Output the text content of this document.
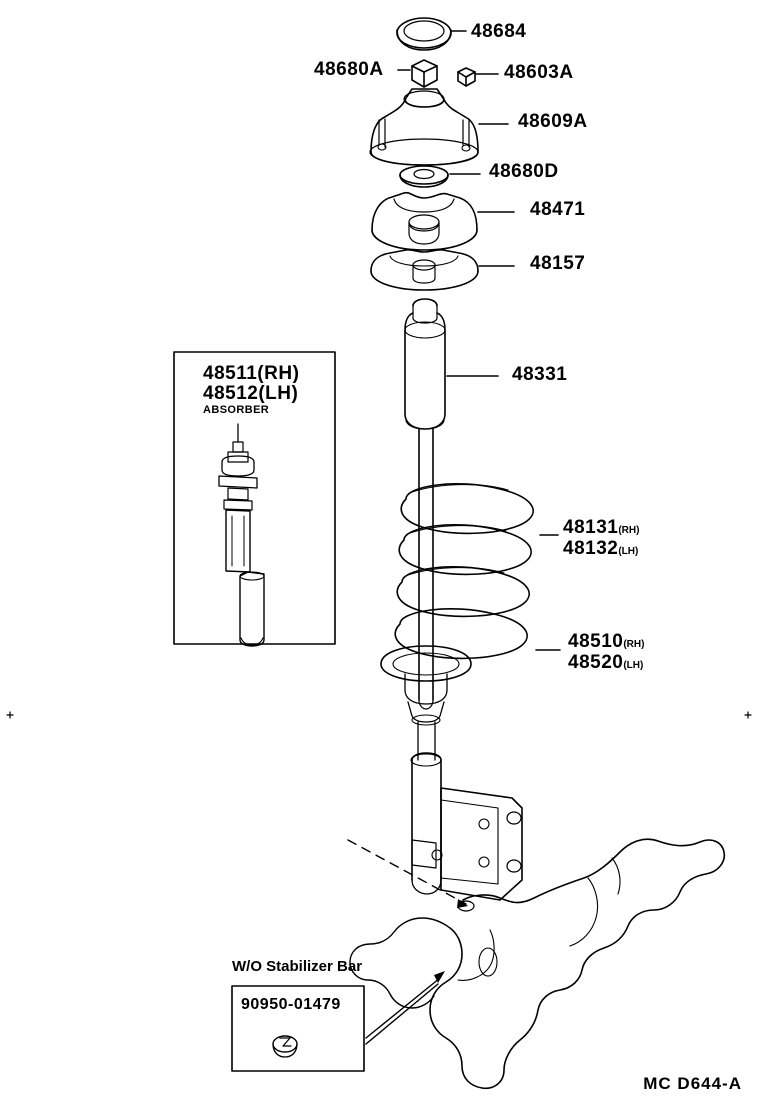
48684
48680A	48603A
48609A
48680D
48471
48157
48331
48131(RH)
48132(LH)
48510(RH)
48520(LH)
48511(RH)
48512(LH)
ABSORBER
W/O Stabilizer Bar
90950-01479
MC D644-A
